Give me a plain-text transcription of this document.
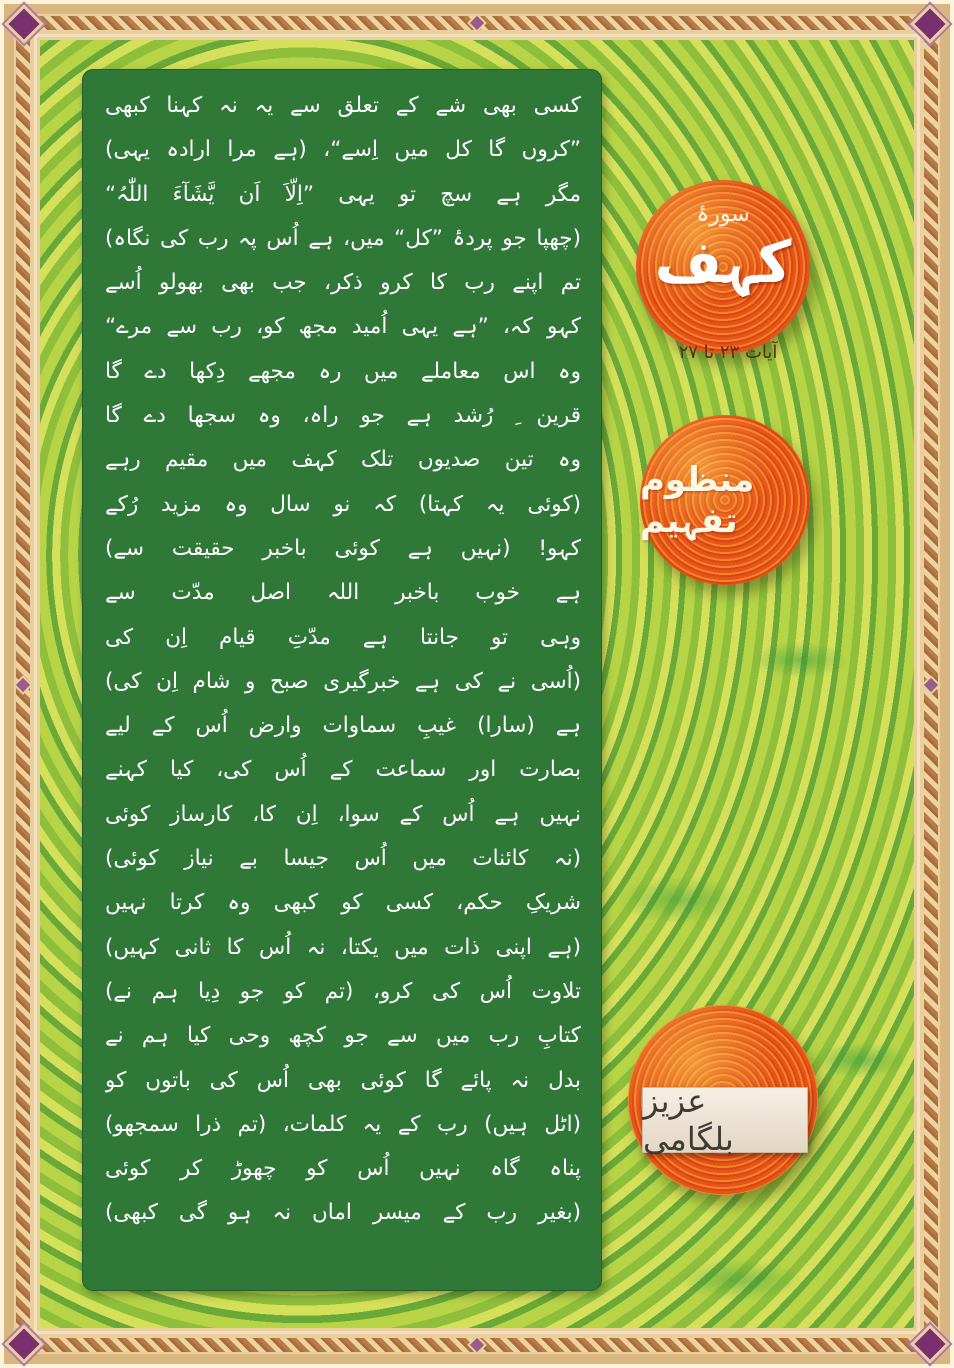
کسی بھی شے کے تعلق سے یہ نہ کہنا کبھی
”کروں گا کل میں اِسے“، (ہے مرا ارادہ یہی)
مگر ہے سچ تو یہی ”اِلّاَ اَن یَّشَآءَ اللّٰہُ“
(چھپا جو پردۂ ”کل“ میں، ہے اُس پہ رب کی نگاہ)
تم اپنے رب کا کرو ذکر، جب بھی بھولو اُسے
کہو کہ، ”ہے یہی اُمید مجھ کو، رب سے مرے“
وہ اس معاملے میں رہ مجھے دِکھا دے گا
قرین ِ رُشد ہے جو راہ، وہ سجھا دے گا
وہ تین صدیوں تلک کہف میں مقیم رہے
(کوئی یہ کہتا) کہ نو سال وہ مزید رُکے
کہو! (نہیں ہے کوئی باخبر حقیقت سے)
ہے خوب باخبر اللہ اصل مدّت سے
وہی تو جانتا ہے مدّتِ قیام اِن کی
(اُسی نے کی ہے خبرگیری صبح و شام اِن کی)
ہے (سارا) غیبِ سماوات وارض اُس کے لیے
بصارت اور سماعت کے اُس کی، کیا کہنے
نہیں ہے اُس کے سوا، اِن کا، کارساز کوئی
(نہ کائنات میں اُس جیسا بے نیاز کوئی)
شریکِ حکم، کسی کو کبھی وہ کرتا نہیں
(ہے اپنی ذات میں یکتا، نہ اُس کا ثانی کہیں)
تلاوت اُس کی کرو، (تم کو جو دِیا ہم نے)
کتابِ رب میں سے جو کچھ وحی کیا ہم نے
بدل نہ پائے گا کوئی بھی اُس کی باتوں کو
(اٹل ہیں) رب کے یہ کلمات، (تم ذرا سمجھو)
پناہ گاہ نہیں اُس کو چھوڑ کر کوئی
(بغیر رب کے میسر اماں نہ ہو گی کبھی)
سورۂ
کہف
آیات ۲۳ تا ۲۷
منظوم تفہیم
عزیز بلگامی
